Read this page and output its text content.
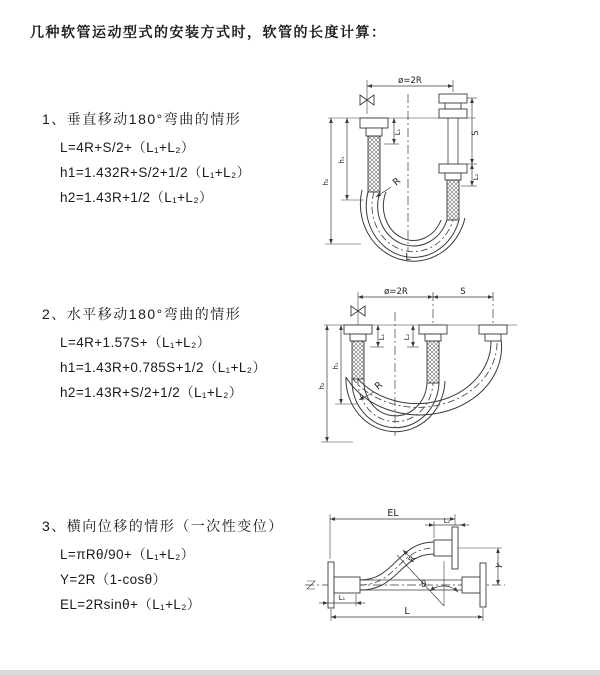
几种软管运动型式的安装方式时，软管的长度计算：

1、垂直移动180°弯曲的情形

L=4R+S/2+（L₁+L₂）

h1=1.432R+S/2+1/2（L₁+L₂）

h2=1.43R+1/2（L₁+L₂）

2、水平移动180°弯曲的情形

L=4R+1.57S+（L₁+L₂）

h1=1.43R+0.785S+1/2（L₁+L₂）

h2=1.43R+S/2+1/2（L₁+L₂）

3、横向位移的情形（一次性变位）

L=πRθ/90+（L₁+L₂）

Y=2R（1-cosθ）

EL=2Rsinθ+（L₁+L₂）

ø=2R
S
L₂
L₁
h₁
h₂	R
L
ø=2R	S
L₁	L₂
h₁
h₂	R
EL
L₂
Y
θ
R
L
L₁
